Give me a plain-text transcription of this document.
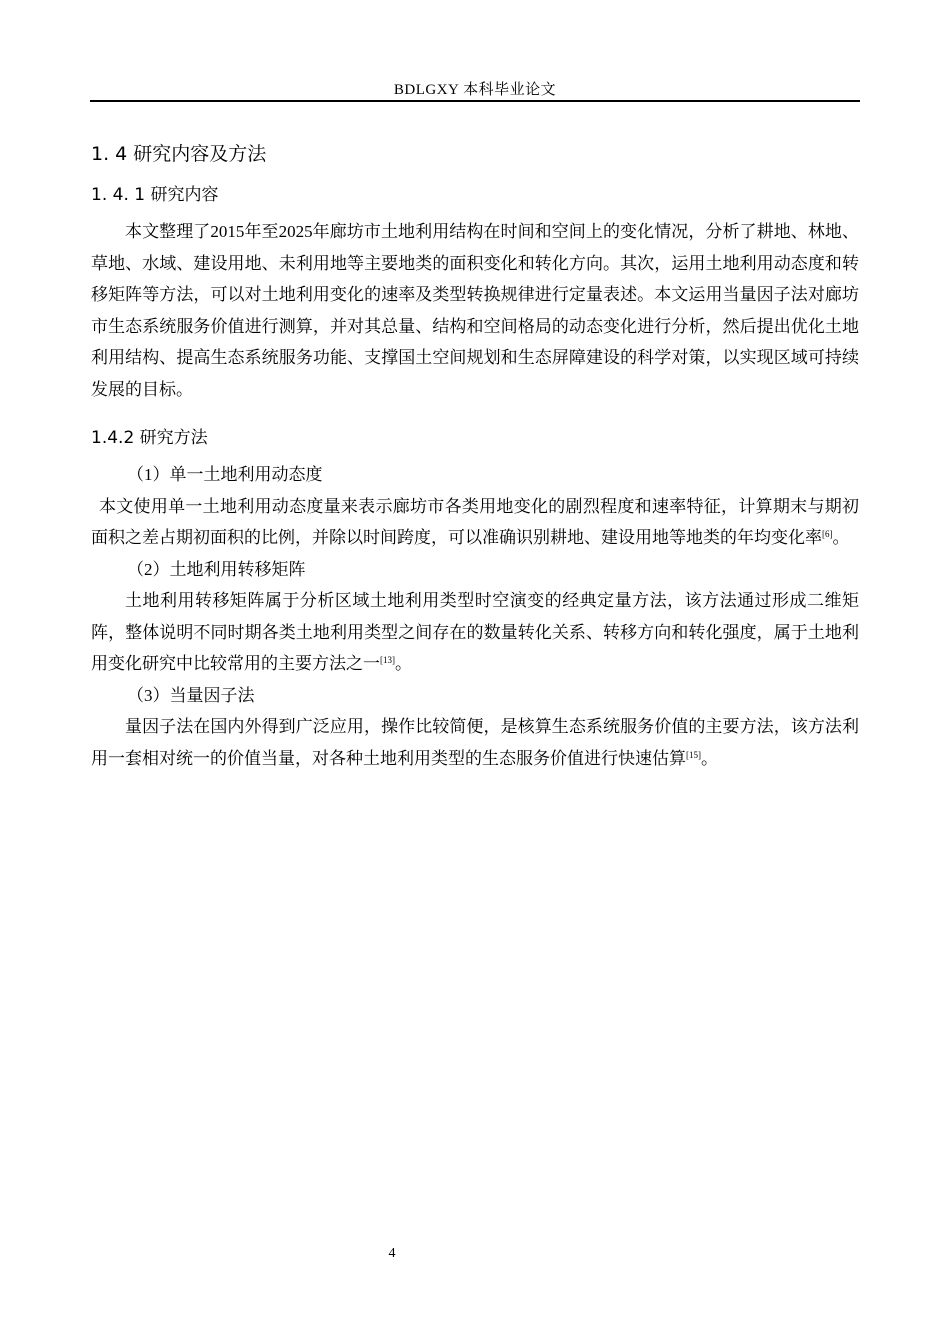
BDLGXY 本科毕业论文
1. 4 研究内容及方法
1. 4. 1 研究内容

本文整理了2015年至2025年廊坊市土地利用结构在时间和空间上的变化情况，分析了耕地、林地、草地、水域、建设用地、未利用地等主要地类的面积变化和转化方向。其次，运用土地利用动态度和转移矩阵等方法，可以对土地利用变化的速率及类型转换规律进行定量表述。本文运用当量因子法对廊坊市生态系统服务价值进行测算，并对其总量、结构和空间格局的动态变化进行分析，然后提出优化土地利用结构、提高生态系统服务功能、支撑国土空间规划和生态屏障建设的科学对策，以实现区域可持续发展的目标。

1.4.2 研究方法

（1）单一土地利用动态度

本文使用单一土地利用动态度量来表示廊坊市各类用地变化的剧烈程度和速率特征，计算期末与期初面积之差占期初面积的比例，并除以时间跨度，可以准确识别耕地、建设用地等地类的年均变化率[6]。

（2）土地利用转移矩阵

土地利用转移矩阵属于分析区域土地利用类型时空演变的经典定量方法，该方法通过形成二维矩阵，整体说明不同时期各类土地利用类型之间存在的数量转化关系、转移方向和转化强度，属于土地利用变化研究中比较常用的主要方法之一[13]。

（3）当量因子法

量因子法在国内外得到广泛应用，操作比较简便，是核算生态系统服务价值的主要方法，该方法利用一套相对统一的价值当量，对各种土地利用类型的生态服务价值进行快速估算[15]。

4
